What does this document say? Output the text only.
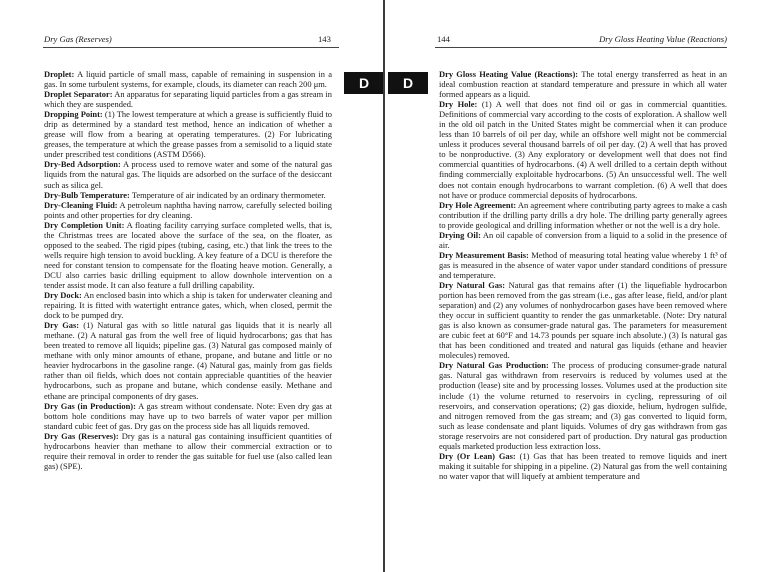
Dry Gas (Reserves)	143
D

Droplet: A liquid particle of small mass, capable of remaining in suspension in a gas. In some turbulent systems, for example, clouds, its diameter can reach 200 μm.

Droplet Separator: An apparatus for separating liquid particles from a gas stream in which they are suspended.

Dropping Point: (1) The lowest temperature at which a grease is sufficiently fluid to drip as determined by a standard test method, hence an indication of whether a grease will flow from a bearing at operating temperatures. (2) For lubricating greases, the temperature at which the grease passes from a semisolid to a liquid state under prescribed test conditions (ASTM D566).

Dry-Bed Adsorption: A process used to remove water and some of the natural gas liquids from the natural gas. The liquids are adsorbed on the surface of the desiccant such as silica gel.

Dry-Bulb Temperature: Temperature of air indicated by an ordinary thermometer.

Dry-Cleaning Fluid: A petroleum naphtha having narrow, carefully selected boiling points and other properties for dry cleaning.

Dry Completion Unit: A floating facility carrying surface completed wells, that is, the Christmas trees are located above the surface of the sea, on the floater, as opposed to the seabed. The rigid pipes (tubing, casing, etc.) that link the trees to the wells require high tension to avoid buckling. A key feature of a DCU is therefore the need for constant tension to compensate for the floating heave motion. Generally, a DCU also carries basic drilling equipment to allow downhole intervention on a tender assist mode. It can also feature a full drilling capability.

Dry Dock: An enclosed basin into which a ship is taken for underwater cleaning and repairing. It is fitted with watertight entrance gates, which, when closed, permit the dock to be pumped dry.

Dry Gas: (1) Natural gas with so little natural gas liquids that it is nearly all methane. (2) A natural gas from the well free of liquid hydrocarbons; gas that has been treated to remove all liquids; pipeline gas. (3) Natural gas composed mainly of methane with only minor amounts of ethane, propane, and butane and little or no heavier hydrocarbons in the gasoline range. (4) Natural gas, mainly from gas fields rather than oil fields, which does not contain appreciable quantities of the heavier hydrocarbons, such as propane and butane, which condense easily. Methane and ethane are principal components of dry gases.

Dry Gas (in Production): A gas stream without condensate. Note: Even dry gas at bottom hole conditions may have up to two barrels of water vapor per million standard cubic feet of gas. Dry gas on the process side has all liquids removed.

Dry Gas (Reserves): Dry gas is a natural gas containing insufficient quantities of hydrocarbons heavier than methane to allow their commercial extraction or to require their removal in order to render the gas suitable for fuel use (also called lean gas) (SPE).

144	Dry Gloss Heating Value (Reactions)
D

Dry Gloss Heating Value (Reactions): The total energy transferred as heat in an ideal combustion reaction at standard temperature and pressure in which all water formed appears as a liquid.

Dry Hole: (1) A well that does not find oil or gas in commercial quantities. Definitions of commercial vary according to the costs of exploration. A shallow well in the old oil patch in the United States might be commercial when it can produce less than 10 barrels of oil per day, while an offshore well might not be commercial unless it produces several thousand barrels of oil per day. (2) A well that has proved to be nonproductive. (3) Any exploratory or development well that does not find commercial quantities of hydrocarbons. (4) A well drilled to a certain depth without finding commercially exploitable hydrocarbons. (5) An unsuccessful well. The well does not contain enough hydrocarbons to warrant completion. (6) A well that does not have or produce commercial deposits of hydrocarbons.

Dry Hole Agreement: An agreement where contributing party agrees to make a cash contribution if the drilling party drills a dry hole. The drilling party generally agrees to provide geological and drilling information whether or not the well is a dry hole.

Drying Oil: An oil capable of conversion from a liquid to a solid in the presence of air.

Dry Measurement Basis: Method of measuring total heating value whereby 1 ft³ of gas is measured in the absence of water vapor under standard conditions of pressure and temperature.

Dry Natural Gas: Natural gas that remains after (1) the liquefiable hydrocarbon portion has been removed from the gas stream (i.e., gas after lease, field, and/or plant separation) and (2) any volumes of nonhydrocarbon gases have been removed where they occur in sufficient quantity to render the gas unmarketable. (Note: Dry natural gas is also known as consumer-grade natural gas. The parameters for measurement are cubic feet at 60°F and 14.73 pounds per square inch absolute.) (3) Is natural gas that has been conditioned and treated and natural gas liquids (ethane and heavier molecules) removed.

Dry Natural Gas Production: The process of producing consumer-grade natural gas. Natural gas withdrawn from reservoirs is reduced by volumes used at the production (lease) site and by processing losses. Volumes used at the production site include (1) the volume returned to reservoirs in cycling, repressuring of oil reservoirs, and conservation operations; (2) gas dioxide, helium, hydrogen sulfide, and nitrogen removed from the gas stream; and (3) gas converted to liquid form, such as lease condensate and plant liquids. Volumes of dry gas withdrawn from gas storage reservoirs are not considered part of production. Dry natural gas production equals marketed production less extraction loss.

Dry (Or Lean) Gas: (1) Gas that has been treated to remove liquids and inert making it suitable for shipping in a pipeline. (2) Natural gas from the well containing no water vapor that will liquefy at ambient temperature and
